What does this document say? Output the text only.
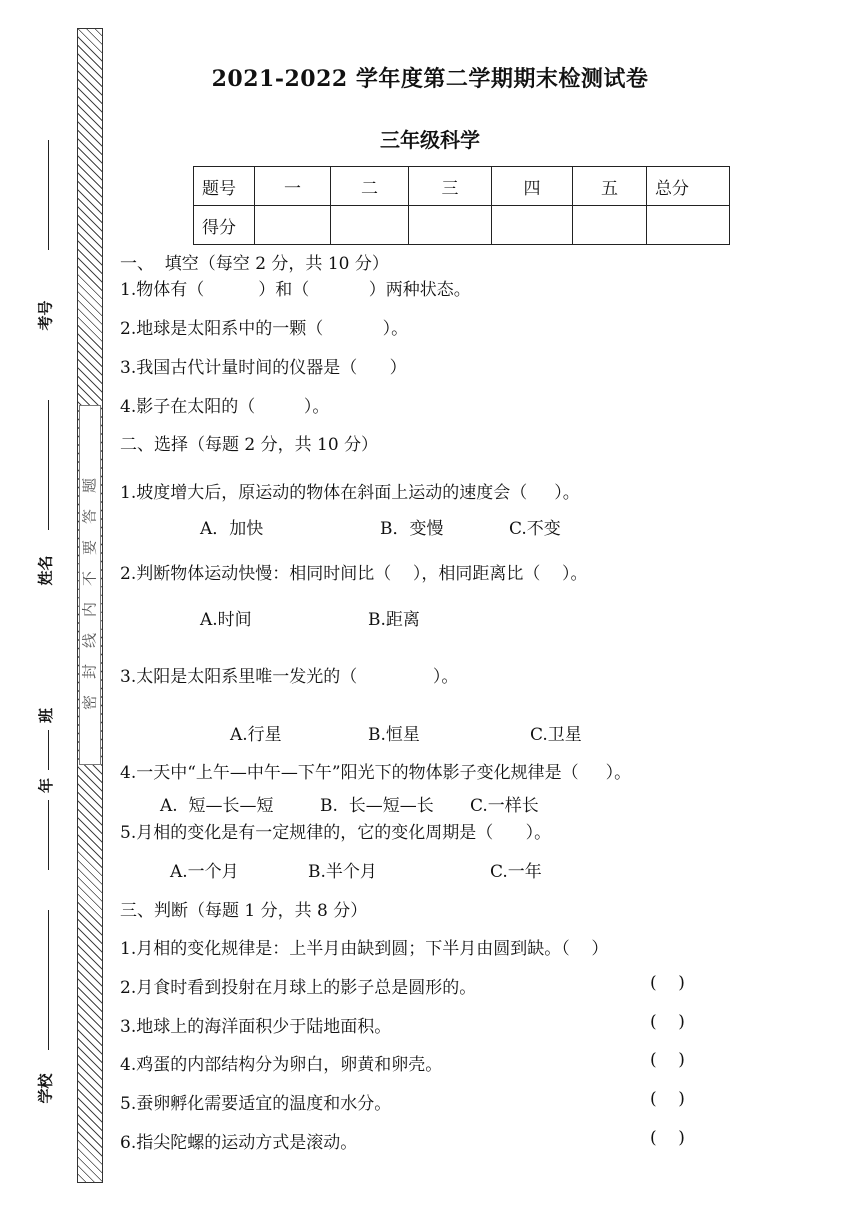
题
答
要
不
内
线
封
密
考号
姓名
班
年
学校
2021-2022 学年度第二学期期末检测试卷
三年级科学
题号	一	二	三	四	五	总分
得分						
一、  填空（每空 2 分，共 10 分）
1.物体有（          ）和（           ）两种状态。
2.地球是太阳系中的一颗（           ）。
3.我国古代计量时间的仪器是（      ）
4.影子在太阳的（         ）。
二、选择（每题 2 分，共 10 分）
1.坡度增大后，原运动的物体在斜面上运动的速度会（     ）。
A．加快	B．变慢	C.不变
2.判断物体运动快慢：相同时间比（    ），相同距离比（    ）。
A.时间	B.距离
3.太阳是太阳系里唯一发光的（              ）。
A.行星	B.恒星	C.卫星
4.一天中“上午—中午—下午”阳光下的物体影子变化规律是（     ）。
A.  短—长—短	B.  长—短—长 C.一样长
5.月相的变化是有一定规律的，它的变化周期是（      ）。
A.一个月	B.半个月	C.一年
三、判断（每题 1 分，共 8 分）
1.月相的变化规律是：上半月由缺到圆；下半月由圆到缺。（    ）
2.月食时看到投射在月球上的影子总是圆形的。	(    )
3.地球上的海洋面积少于陆地面积。	(    )
4.鸡蛋的内部结构分为卵白，卵黄和卵壳。	(    )
5.蚕卵孵化需要适宜的温度和水分。	(    )
6.指尖陀螺的运动方式是滚动。	(    )
